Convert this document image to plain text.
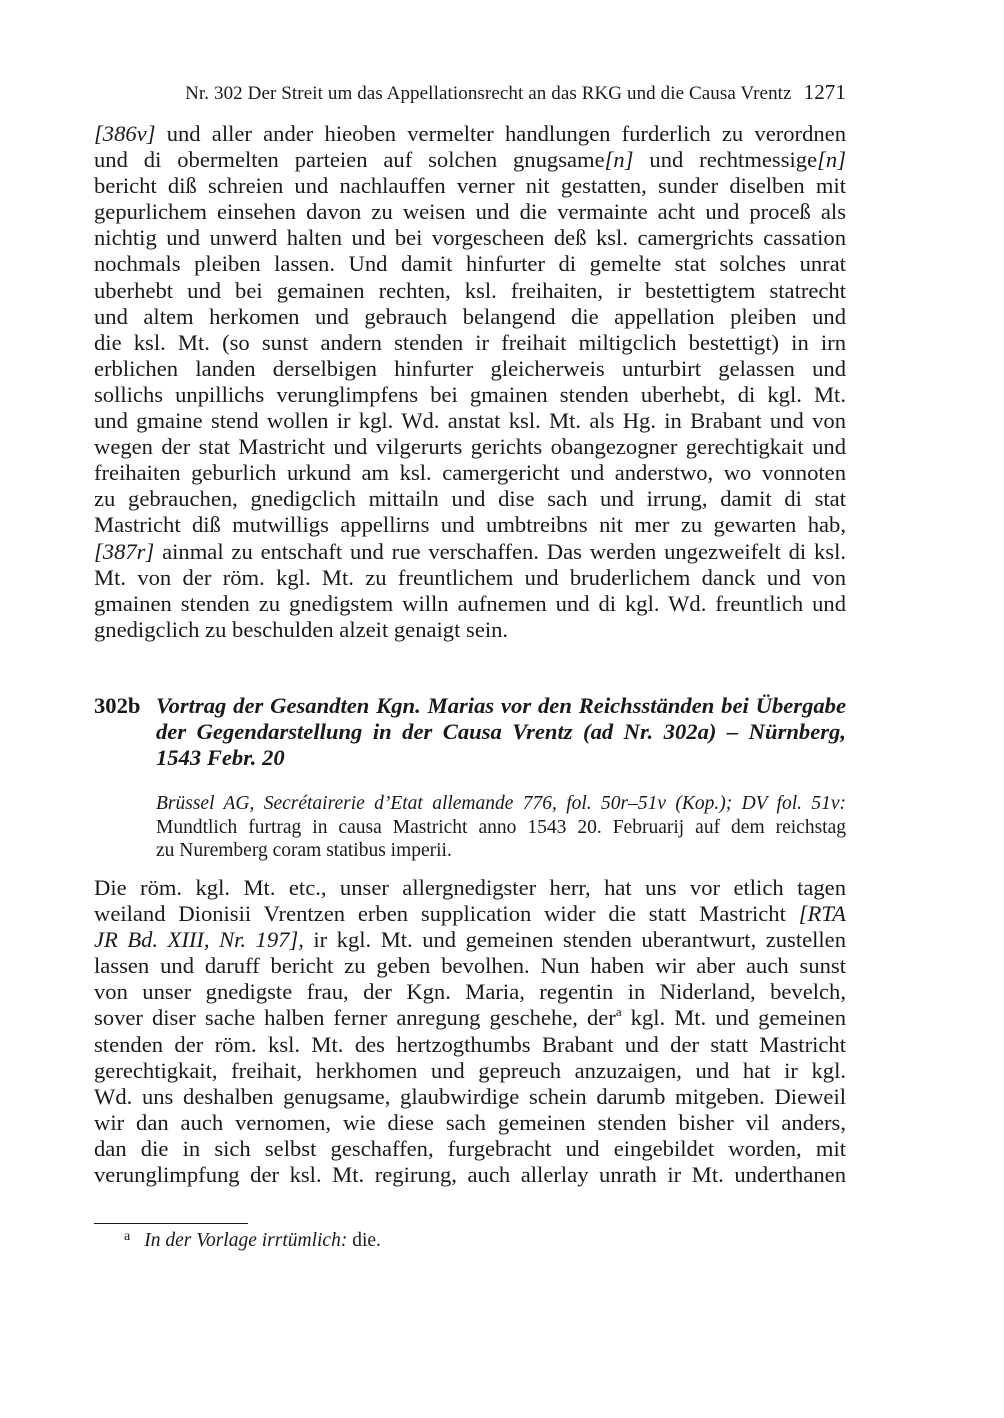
Nr. 302 Der Streit um das Appellationsrecht an das RKG und die Causa Vrentz 1271
[386v] und aller ander hieoben vermelter handlungen furderlich zu verordnen
und di obermelten parteien auf solchen gnugsame[n] und rechtmessige[n]
bericht diß schreien und nachlauffen verner nit gestatten, sunder diselben mit
gepurlichem einsehen davon zu weisen und die vermainte acht und proceß als
nichtig und unwerd halten und bei vorgescheen deß ksl. camergrichts cassation
nochmals pleiben lassen. Und damit hinfurter di gemelte stat solches unrat
uberhebt und bei gemainen rechten, ksl. freihaiten, ir bestettigtem statrecht
und altem herkomen und gebrauch belangend die appellation pleiben und
die ksl. Mt. (so sunst andern stenden ir freihait miltigclich bestettigt) in irn
erblichen landen derselbigen hinfurter gleicherweis unturbirt gelassen und
sollichs unpillichs verunglimpfens bei gmainen stenden uberhebt, di kgl. Mt.
und gmaine stend wollen ir kgl. Wd. anstat ksl. Mt. als Hg. in Brabant und von
wegen der stat Mastricht und vilgerurts gerichts obangezogner gerechtigkait und
freihaiten geburlich urkund am ksl. camergericht und anderstwo, wo vonnoten
zu gebrauchen, gnedigclich mittailn und dise sach und irrung, damit di stat
Mastricht diß mutwilligs appellirns und umbtreibns nit mer zu gewarten hab,
[387r] ainmal zu entschaft und rue verschaffen. Das werden ungezweifelt di ksl.
Mt. von der röm. kgl. Mt. zu freuntlichem und bruderlichem danck und von
gmainen stenden zu gnedigstem willn aufnemen und di kgl. Wd. freuntlich und
gnedigclich zu beschulden alzeit genaigt sein.
302b Vortrag der Gesandten Kgn. Marias vor den Reichsständen bei Übergabe
der Gegendarstellung in der Causa Vrentz (ad Nr. 302a) – Nürnberg,
1543 Febr. 20
Brüssel AG, Secrétairerie d’Etat allemande 776, fol. 50r–51v (Kop.); DV fol. 51v:
Mundtlich furtrag in causa Mastricht anno 1543 20. Februarij auf dem reichstag
zu Nuremberg coram statibus imperii.
Die röm. kgl. Mt. etc., unser allergnedigster herr, hat uns vor etlich tagen
weiland Dionisii Vrentzen erben supplication wider die statt Mastricht [RTA
JR Bd. XIII, Nr. 197], ir kgl. Mt. und gemeinen stenden uberantwurt, zustellen
lassen und daruff bericht zu geben bevolhen. Nun haben wir aber auch sunst
von unser gnedigste frau, der Kgn. Maria, regentin in Niderland, bevelch,
sover diser sache halben ferner anregung geschehe, der$^a$ kgl. Mt. und gemeinen
stenden der röm. ksl. Mt. des hertzogthumbs Brabant und der statt Mastricht
gerechtigkait, freihait, herkhomen und gepreuch anzuzaigen, und hat ir kgl.
Wd. uns deshalben genugsame, glaubwirdige schein darumb mitgeben. Dieweil
wir dan auch vernomen, wie diese sach gemeinen stenden bisher vil anders,
dan die in sich selbst geschaffen, furgebracht und eingebildet worden, mit
verunglimpfung der ksl. Mt. regirung, auch allerlay unrath ir Mt. underthanen
$^a$ In der Vorlage irrtümlich: die.
